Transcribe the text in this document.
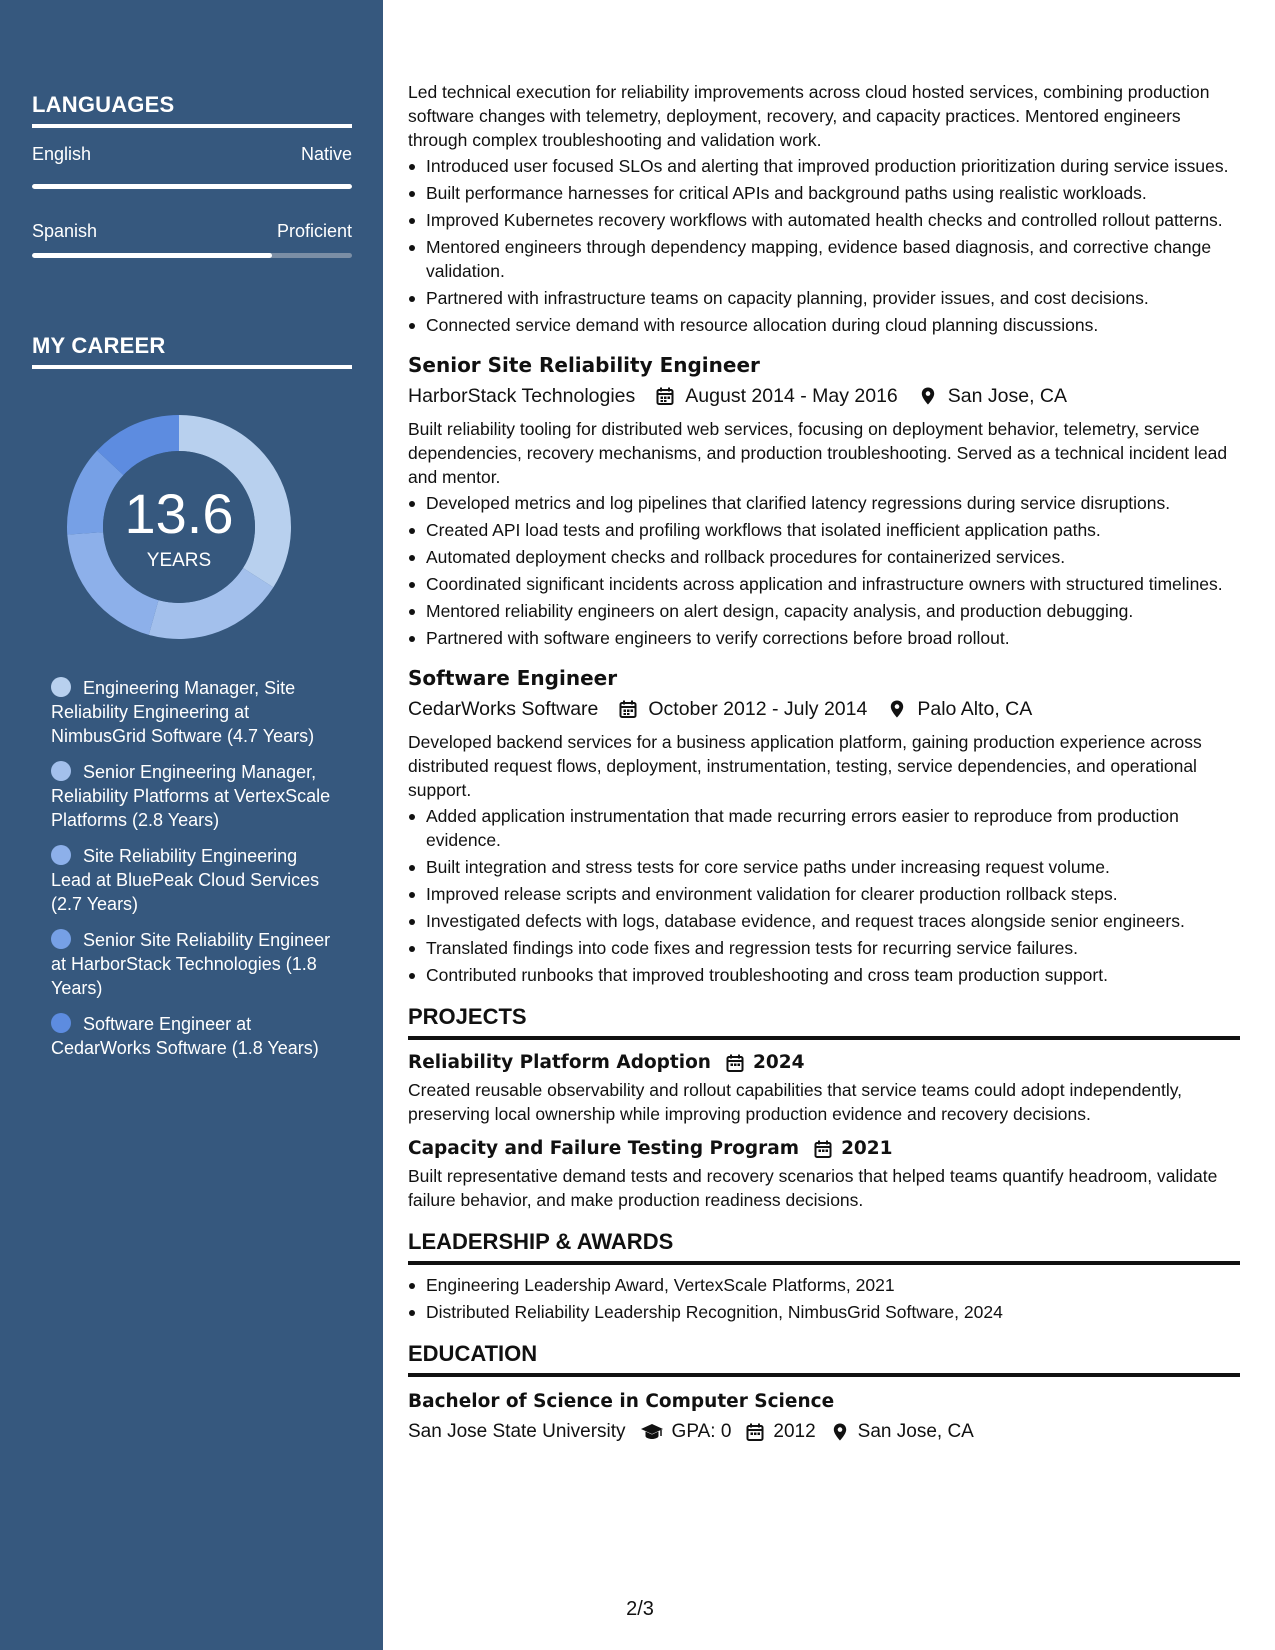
LANGUAGES
English	Native
Spanish	Proficient
MY CAREER
13.6
YEARS
Engineering Manager, Site Reliability Engineering at NimbusGrid Software (4.7 Years)
Senior Engineering Manager, Reliability Platforms at VertexScale Platforms (2.8 Years)
Site Reliability Engineering Lead at BluePeak Cloud Services (2.7 Years)
Senior Site Reliability Engineer at HarborStack Technologies (1.8 Years)
Software Engineer at CedarWorks Software (1.8 Years)

Led technical execution for reliability improvements across cloud hosted services, combining production software changes with telemetry, deployment, recovery, and capacity practices. Mentored engineers through complex troubleshooting and validation work.

Introduced user focused SLOs and alerting that improved production prioritization during service issues.
Built performance harnesses for critical APIs and background paths using realistic workloads.
Improved Kubernetes recovery workflows with automated health checks and controlled rollout patterns.
Mentored engineers through dependency mapping, evidence based diagnosis, and corrective change validation.
Partnered with infrastructure teams on capacity planning, provider issues, and cost decisions.
Connected service demand with resource allocation during cloud planning discussions.
Senior Site Reliability Engineer
HarborStack Technologies	August 2014 - May 2016	San Jose, CA

Built reliability tooling for distributed web services, focusing on deployment behavior, telemetry, service dependencies, recovery mechanisms, and production troubleshooting. Served as a technical incident lead and mentor.

Developed metrics and log pipelines that clarified latency regressions during service disruptions.
Created API load tests and profiling workflows that isolated inefficient application paths.
Automated deployment checks and rollback procedures for containerized services.
Coordinated significant incidents across application and infrastructure owners with structured timelines.
Mentored reliability engineers on alert design, capacity analysis, and production debugging.
Partnered with software engineers to verify corrections before broad rollout.
Software Engineer
CedarWorks Software	October 2012 - July 2014	Palo Alto, CA

Developed backend services for a business application platform, gaining production experience across distributed request flows, deployment, instrumentation, testing, service dependencies, and operational support.

Added application instrumentation that made recurring errors easier to reproduce from production evidence.
Built integration and stress tests for core service paths under increasing request volume.
Improved release scripts and environment validation for clearer production rollback steps.
Investigated defects with logs, database evidence, and request traces alongside senior engineers.
Translated findings into code fixes and regression tests for recurring service failures.
Contributed runbooks that improved troubleshooting and cross team production support.
PROJECTS
Reliability Platform Adoption 2024

Created reusable observability and rollout capabilities that service teams could adopt independently, preserving local ownership while improving production evidence and recovery decisions.

Capacity and Failure Testing Program 2021

Built representative demand tests and recovery scenarios that helped teams quantify headroom, validate failure behavior, and make production readiness decisions.

LEADERSHIP & AWARDS
Engineering Leadership Award, VertexScale Platforms, 2021
Distributed Reliability Leadership Recognition, NimbusGrid Software, 2024
EDUCATION
Bachelor of Science in Computer Science
San Jose State University GPA: 0 2012 San Jose, CA
2/3
